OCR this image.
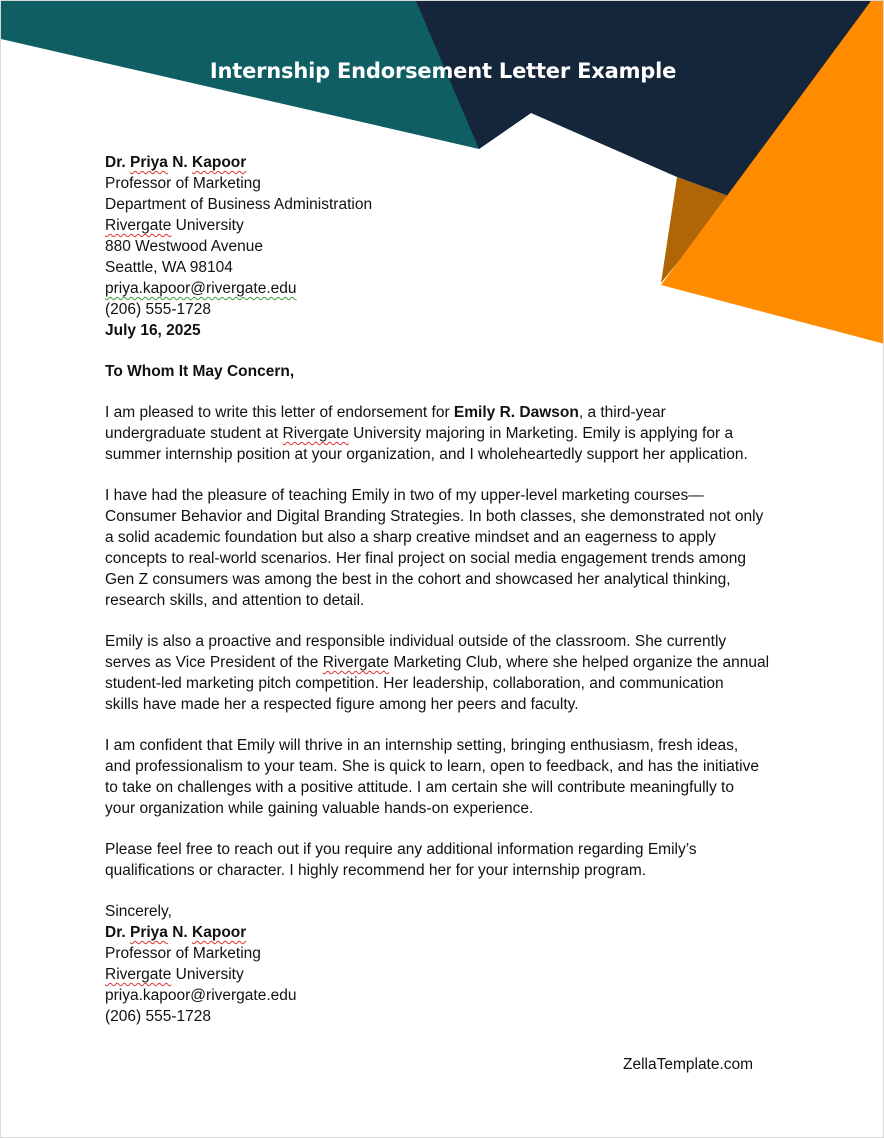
Internship Endorsement Letter Example
Dr. Priya N. Kapoor
Professor of Marketing
Department of Business Administration
Rivergate University
880 Westwood Avenue
Seattle, WA 98104
priya.kapoor@rivergate.edu
(206) 555-1728
July 16, 2025
To Whom It May Concern,
I am pleased to write this letter of endorsement for Emily R. Dawson, a third-year
undergraduate student at Rivergate University majoring in Marketing. Emily is applying for a
summer internship position at your organization, and I wholeheartedly support her application.
I have had the pleasure of teaching Emily in two of my upper-level marketing courses—
Consumer Behavior and Digital Branding Strategies. In both classes, she demonstrated not only
a solid academic foundation but also a sharp creative mindset and an eagerness to apply
concepts to real-world scenarios. Her final project on social media engagement trends among
Gen Z consumers was among the best in the cohort and showcased her analytical thinking,
research skills, and attention to detail.
Emily is also a proactive and responsible individual outside of the classroom. She currently
serves as Vice President of the Rivergate Marketing Club, where she helped organize the annual
student-led marketing pitch competition. Her leadership, collaboration, and communication
skills have made her a respected figure among her peers and faculty.
I am confident that Emily will thrive in an internship setting, bringing enthusiasm, fresh ideas,
and professionalism to your team. She is quick to learn, open to feedback, and has the initiative
to take on challenges with a positive attitude. I am certain she will contribute meaningfully to
your organization while gaining valuable hands-on experience.
Please feel free to reach out if you require any additional information regarding Emily’s
qualifications or character. I highly recommend her for your internship program.
Sincerely,
Dr. Priya N. Kapoor
Professor of Marketing
Rivergate University
priya.kapoor@rivergate.edu
(206) 555-1728
ZellaTemplate.com
